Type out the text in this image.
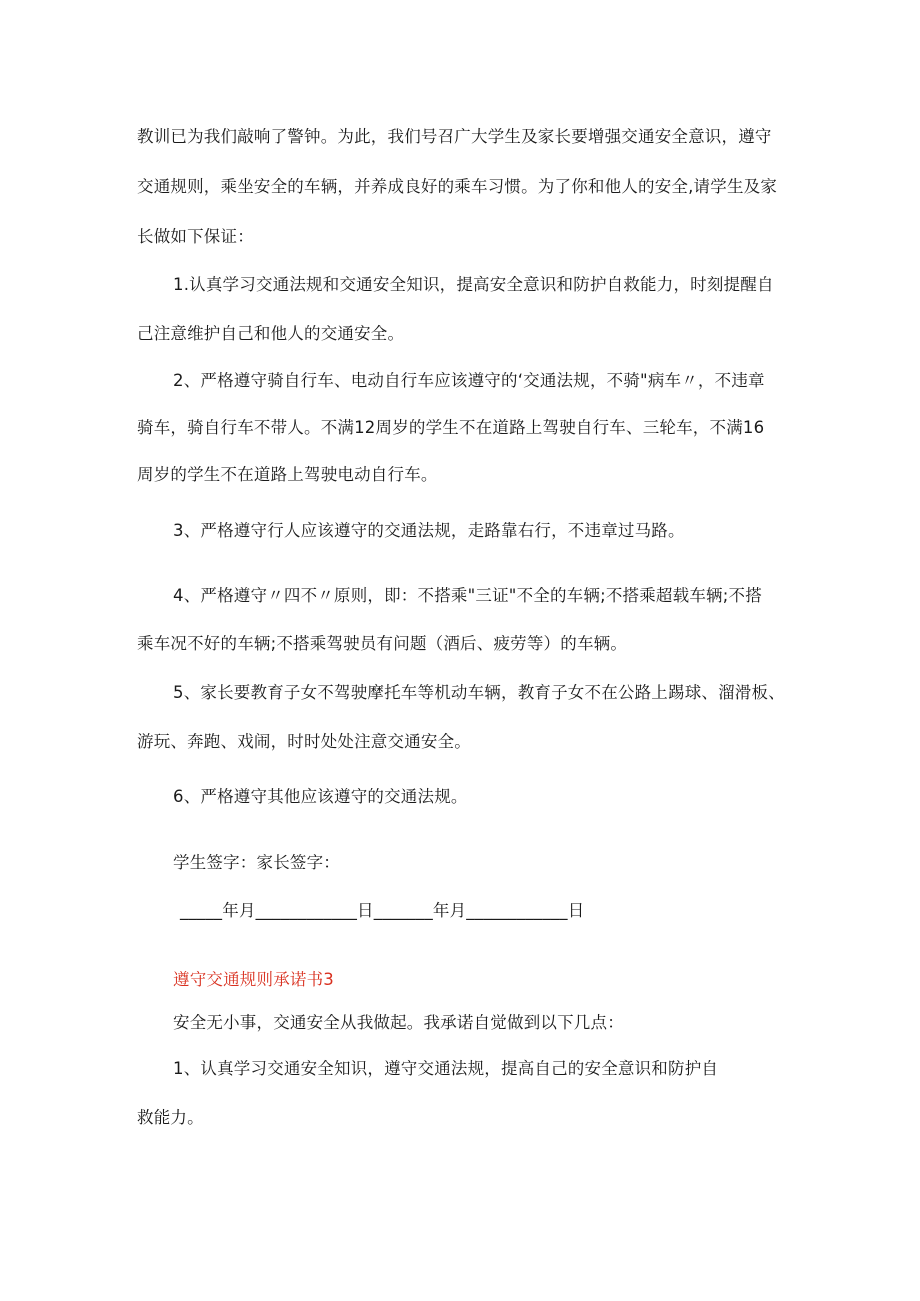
教训已为我们敲响了警钟。为此，我们号召广大学生及家长要增强交通安全意识，遵守
交通规则，乘坐安全的车辆，并养成良好的乘车习惯。为了你和他人的安全,请学生及家
长做如下保证：
1.认真学习交通法规和交通安全知识，提高安全意识和防护自救能力，时刻提醒自
己注意维护自己和他人的交通安全。
2、严格遵守骑自行车、电动自行车应该遵守的‘交通法规，不骑"病车〃，不违章
骑车，骑自行车不带人。不满12周岁的学生不在道路上驾驶自行车、三轮车，不满16
周岁的学生不在道路上驾驶电动自行车。
3、严格遵守行人应该遵守的交通法规，走路靠右行，不违章过马路。
4、严格遵守〃四不〃原则，即：不搭乘"三证"不全的车辆;不搭乘超载车辆;不搭
乘车况不好的车辆;不搭乘驾驶员有问题（酒后、疲劳等）的车辆。
5、家长要教育子女不驾驶摩托车等机动车辆，教育子女不在公路上踢球、溜滑板、
游玩、奔跑、戏闹，时时处处注意交通安全。
6、严格遵守其他应该遵守的交通法规。
学生签字：家长签字：
_____年月____________日_______年月____________日
遵守交通规则承诺书3
安全无小事，交通安全从我做起。我承诺自觉做到以下几点：
1、认真学习交通安全知识，遵守交通法规，提高自己的安全意识和防护自
救能力。
